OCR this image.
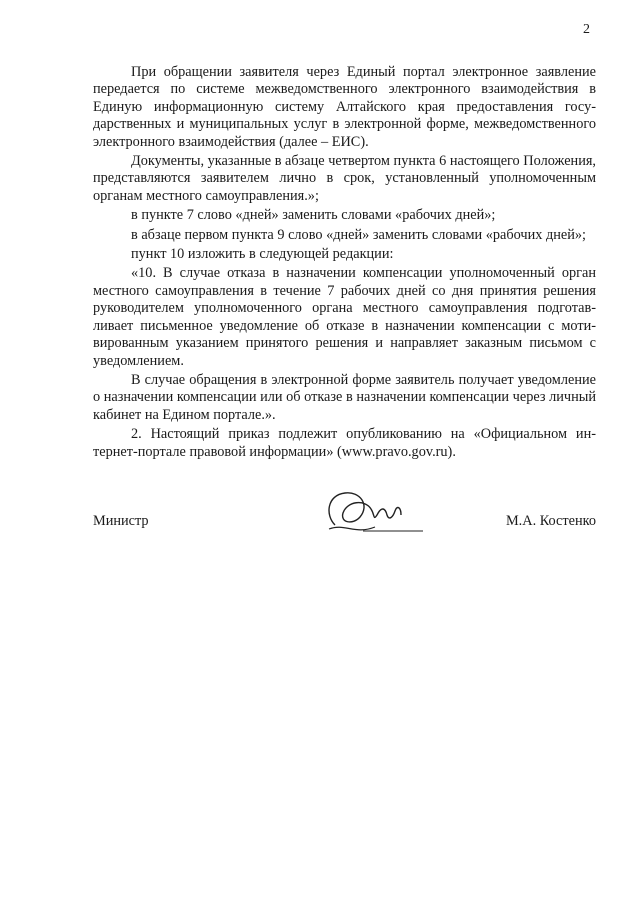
2

При обращении заявителя через Единый портал электронное заявление передается по системе межведомственного электронного взаимодействия в Единую информационную систему Алтайского края предоставления государственных и муниципальных услуг в электронной форме, межведомственного электронного взаимодействия (далее – ЕИС).

Документы, указанные в абзаце четвертом пункта 6 настоящего Положения, представляются заявителем лично в срок, установленный уполномоченным органам местного самоуправления.»;

в пункте 7 слово «дней» заменить словами «рабочих дней»;

в абзаце первом пункта 9 слово «дней» заменить словами «рабочих дней»;

пункт 10 изложить в следующей редакции:

«10. В случае отказа в назначении компенсации уполномоченный орган местного самоуправления в течение 7 рабочих дней со дня принятия решения руководителем уполномоченного органа местного самоуправления подготавливает письменное уведомление об отказе в назначении компенсации с мотивированным указанием принятого решения и направляет заказным письмом с уведомлением.

В случае обращения в электронной форме заявитель получает уведомление о назначении компенсации или об отказе в назначении компенсации через личный кабинет на Едином портале.».

2. Настоящий приказ подлежит опубликованию на «Официальном интернет-портале правовой информации» (www.pravo.gov.ru).

Министр	М.А. Костенко
